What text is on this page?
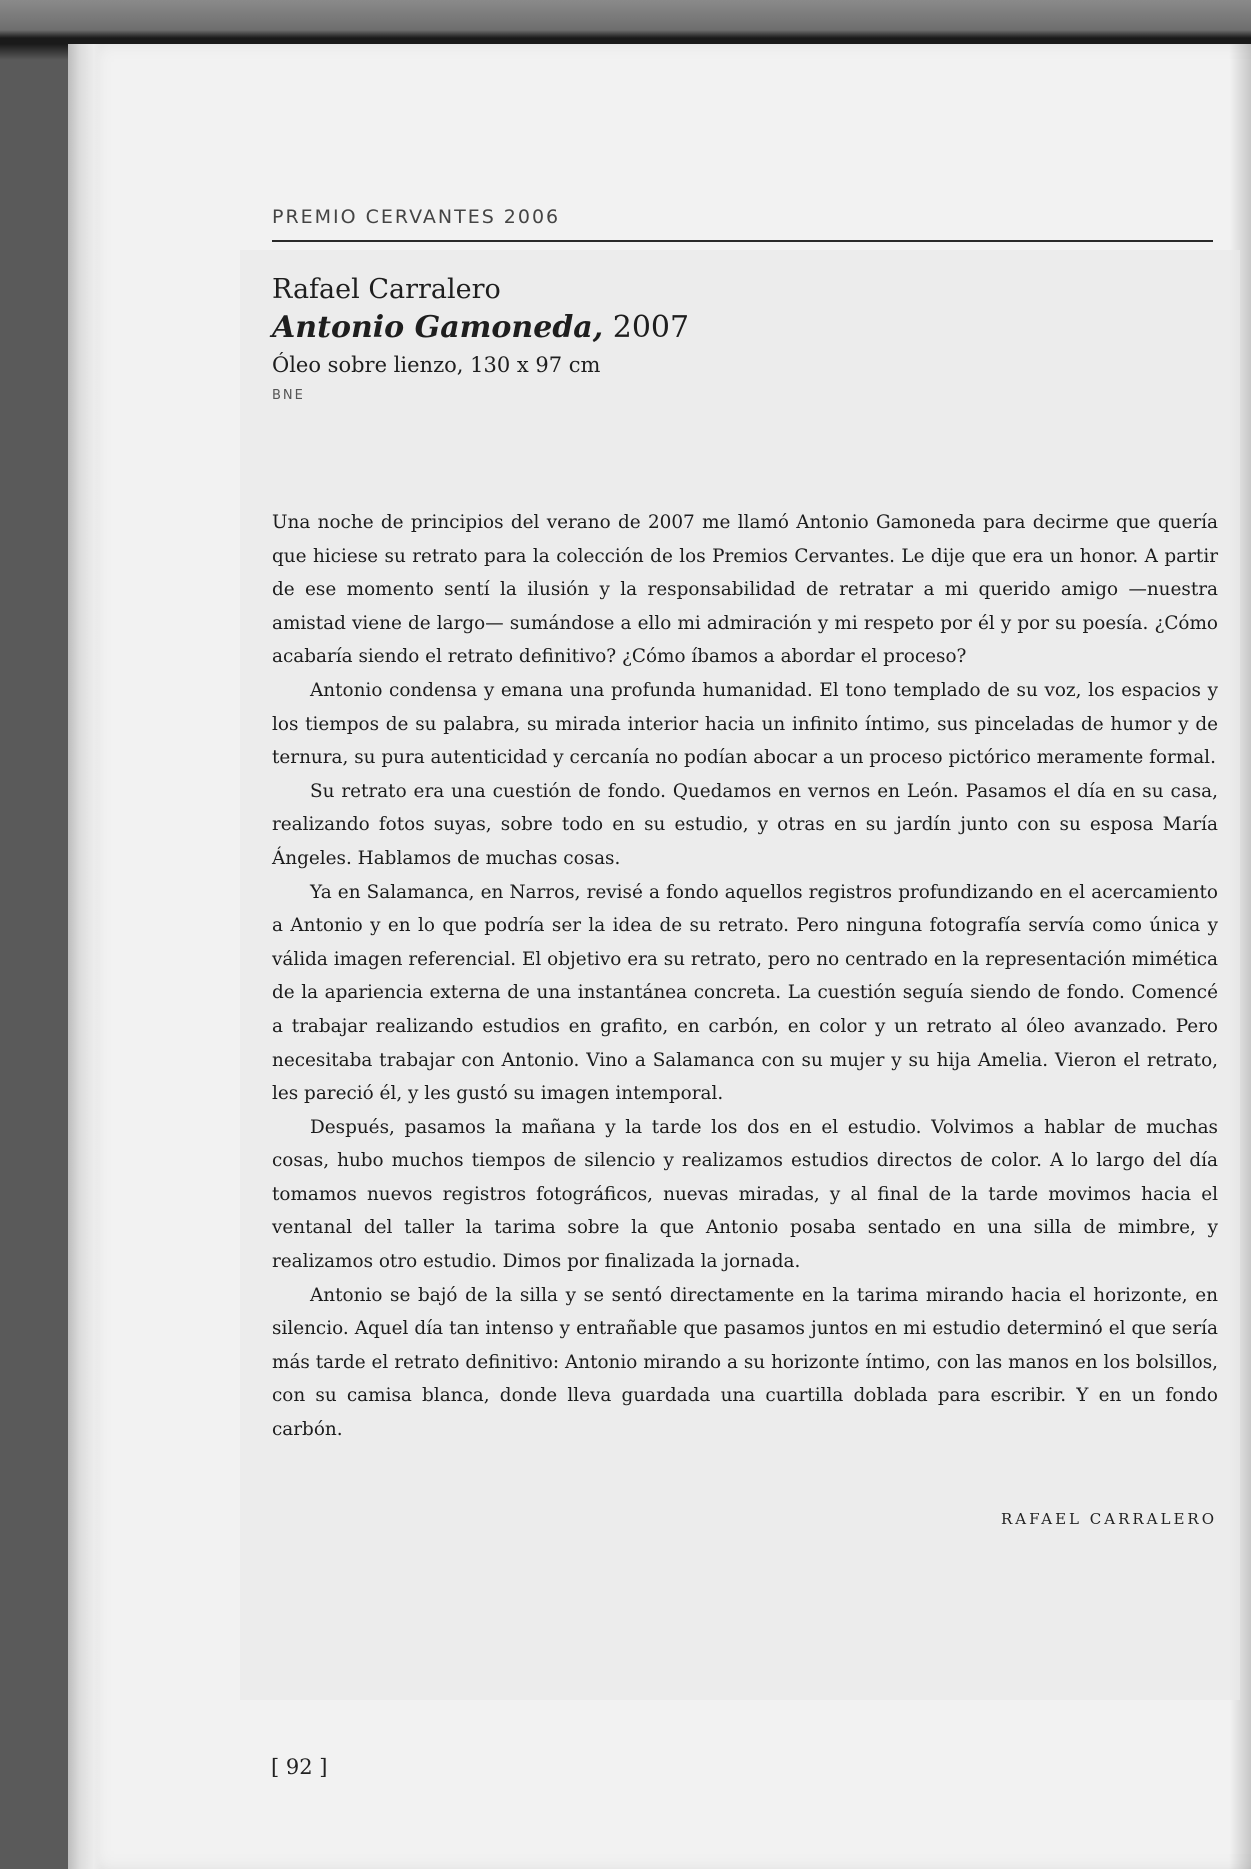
PREMIO CERVANTES 2006
Rafael Carralero
Antonio Gamoneda, 2007
Óleo sobre lienzo, 130 x 97 cm
BNE

Una noche de principios del verano de 2007 me llamó Antonio Gamoneda para decirme que quería que hiciese su retrato para la colección de los Premios Cervantes. Le dije que era un honor. A partir de ese momento sentí la ilusión y la responsabilidad de retratar a mi querido amigo —nuestra amistad viene de largo— sumándose a ello mi admiración y mi respeto por él y por su poesía. ¿Cómo acabaría siendo el retrato definitivo? ¿Cómo íbamos a abordar el proceso?

Antonio condensa y emana una profunda humanidad. El tono templado de su voz, los espacios y los tiempos de su palabra, su mirada interior hacia un infinito íntimo, sus pinceladas de humor y de ternura, su pura autenticidad y cercanía no podían abocar a un proceso pictórico meramente formal.

Su retrato era una cuestión de fondo. Quedamos en vernos en León. Pasamos el día en su casa, realizando fotos suyas, sobre todo en su estudio, y otras en su jardín junto con su esposa María Ángeles. Hablamos de muchas cosas.

Ya en Salamanca, en Narros, revisé a fondo aquellos registros profundizando en el acercamiento a Antonio y en lo que podría ser la idea de su retrato. Pero ninguna fotografía servía como única y válida imagen referencial. El objetivo era su retrato, pero no centrado en la representación mimética de la apariencia externa de una instantánea concreta. La cuestión seguía siendo de fondo. Comencé a trabajar realizando estudios en grafito, en carbón, en color y un retrato al óleo avanzado. Pero necesitaba trabajar con Antonio. Vino a Salamanca con su mujer y su hija Amelia. Vieron el retrato, les pareció él, y les gustó su imagen intemporal.

Después, pasamos la mañana y la tarde los dos en el estudio. Volvimos a hablar de muchas cosas, hubo muchos tiempos de silencio y realizamos estudios directos de color. A lo largo del día tomamos nuevos registros fotográficos, nuevas miradas, y al final de la tarde movimos hacia el ventanal del taller la tarima sobre la que Antonio posaba sentado en una silla de mimbre, y realizamos otro estudio. Dimos por finalizada la jornada.

Antonio se bajó de la silla y se sentó directamente en la tarima mirando hacia el horizonte, en silencio. Aquel día tan intenso y entrañable que pasamos juntos en mi estudio determinó el que sería más tarde el retrato definitivo: Antonio mirando a su horizonte íntimo, con las manos en los bolsillos, con su camisa blanca, donde lleva guardada una cuartilla doblada para escribir. Y en un fondo carbón.

RAFAEL CARRALERO
[ 92 ]
